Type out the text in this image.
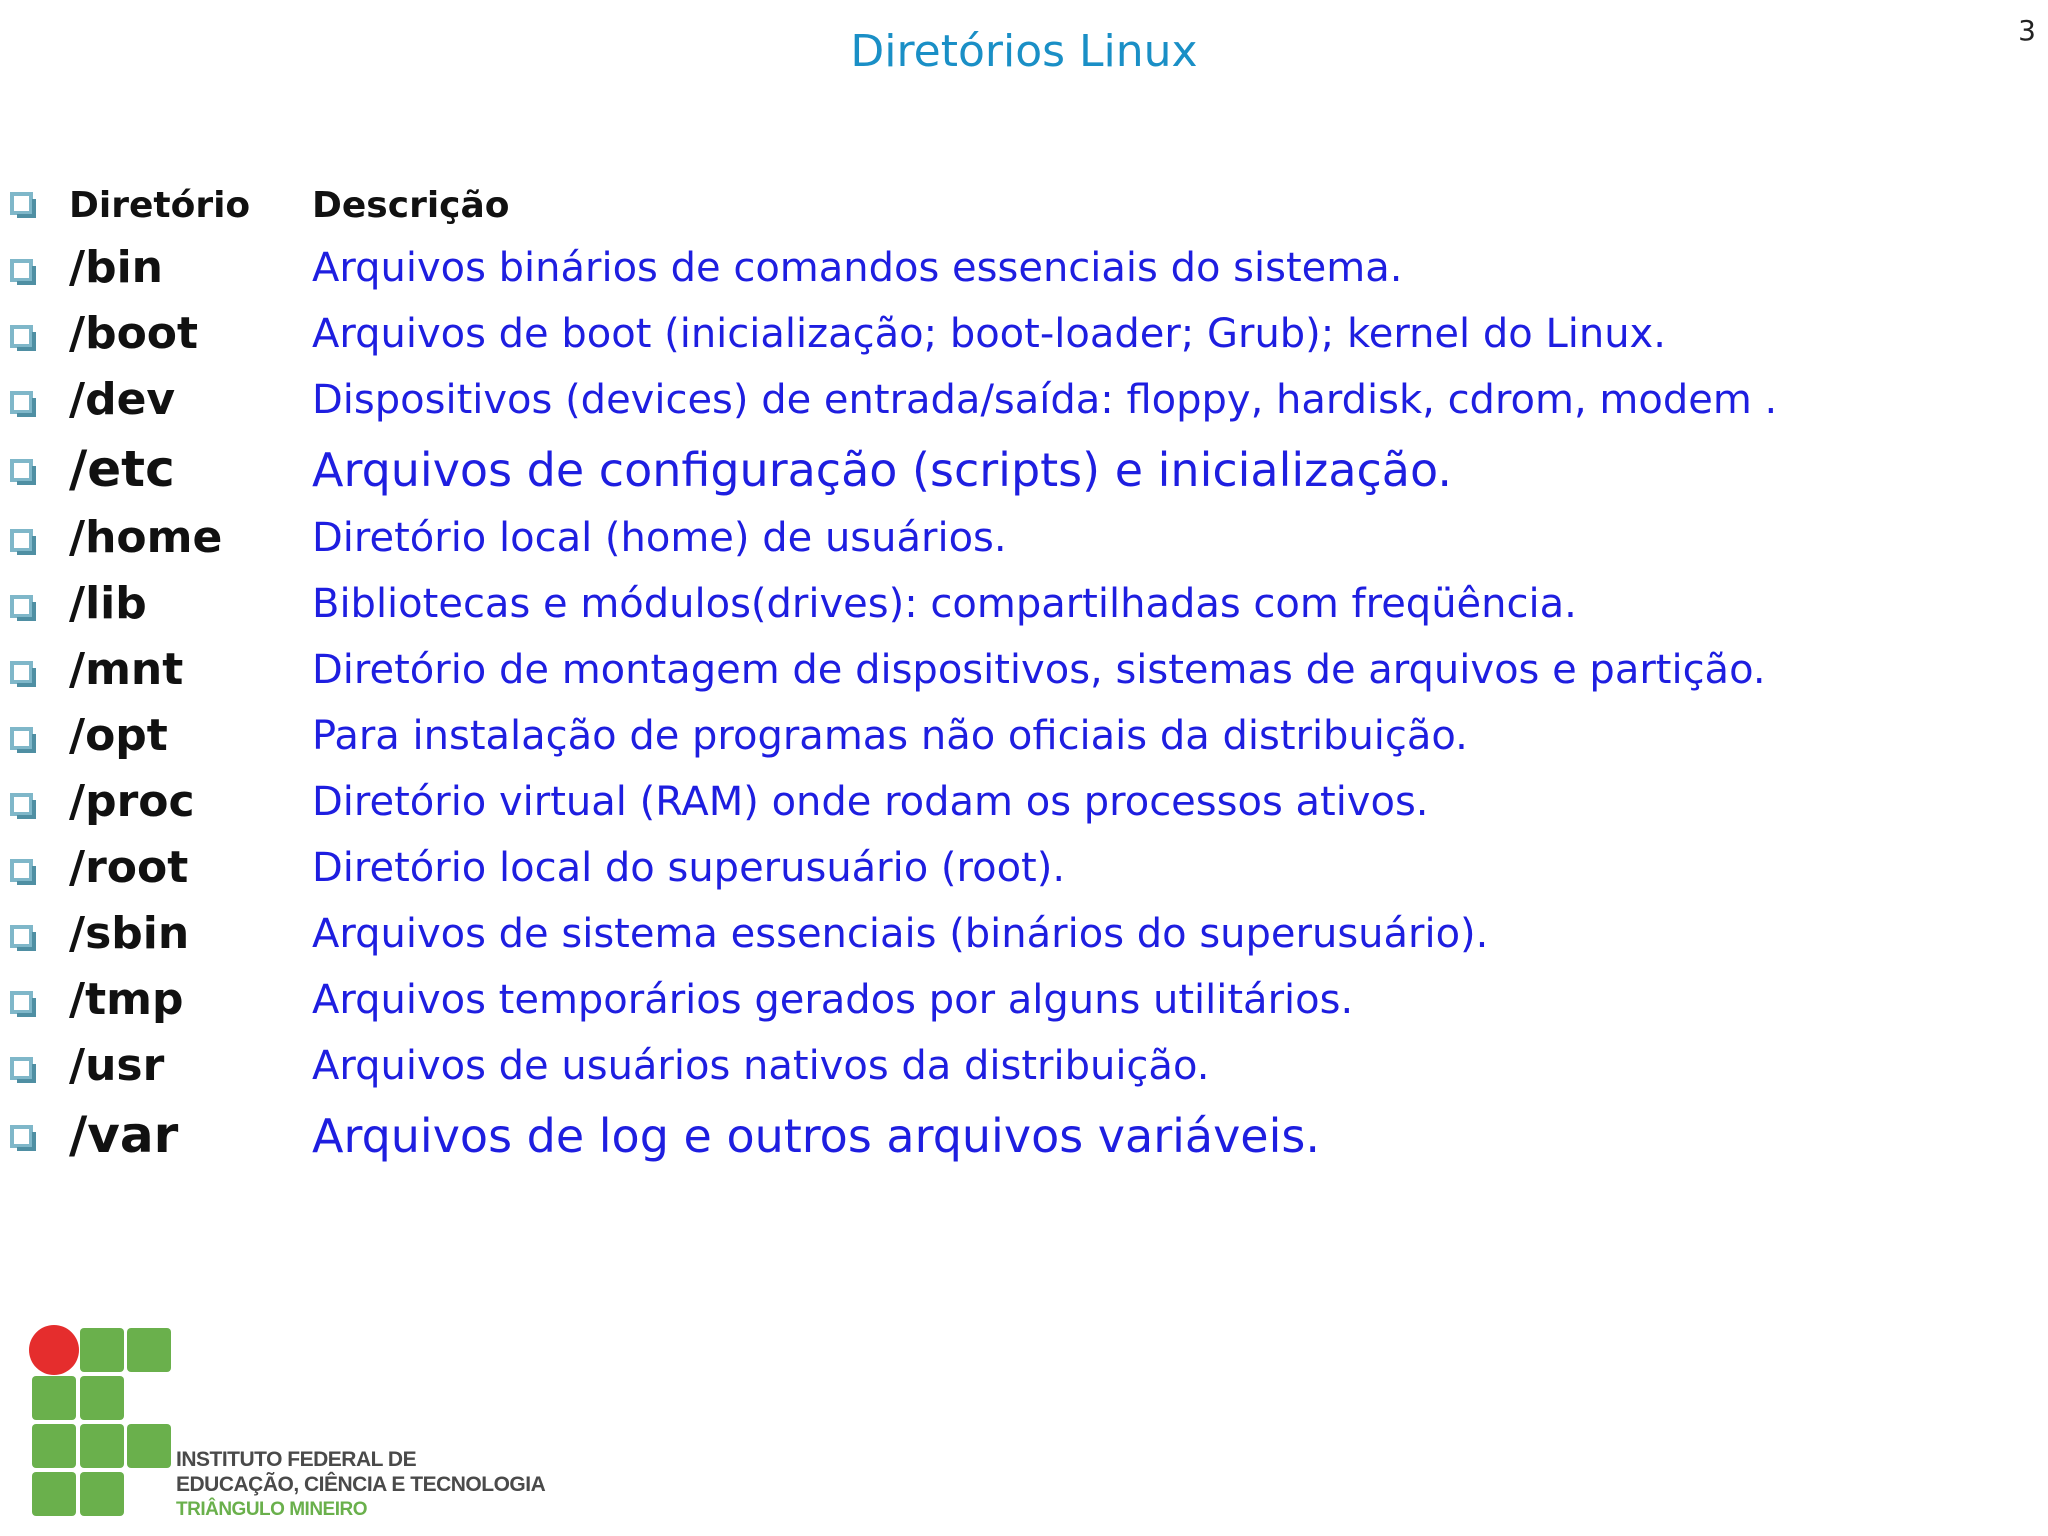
Diretórios Linux	3
Diretório Descrição
/bin	Arquivos binários de comandos essenciais do sistema.
/boot	Arquivos de boot (inicialização; boot-loader; Grub); kernel do Linux.
/dev	Dispositivos (devices) de entrada/saída: floppy, hardisk, cdrom, modem .
/etc	Arquivos de configuração (scripts) e inicialização.
/home Diretório local (home) de usuários.
/lib	Bibliotecas e módulos(drives): compartilhadas com freqüência.
/mnt	Diretório de montagem de dispositivos, sistemas de arquivos e partição.
/opt	Para instalação de programas não oficiais da distribuição.
/proc	Diretório virtual (RAM) onde rodam os processos ativos.
/root	Diretório local do superusuário (root).
/sbin	Arquivos de sistema essenciais (binários do superusuário).
/tmp	Arquivos temporários gerados por alguns utilitários.
/usr	Arquivos de usuários nativos da distribuição.
/var	Arquivos de log e outros arquivos variáveis.
INSTITUTO FEDERAL DE
EDUCAÇÃO, CIÊNCIA E TECNOLOGIA
TRIÂNGULO MINEIRO
